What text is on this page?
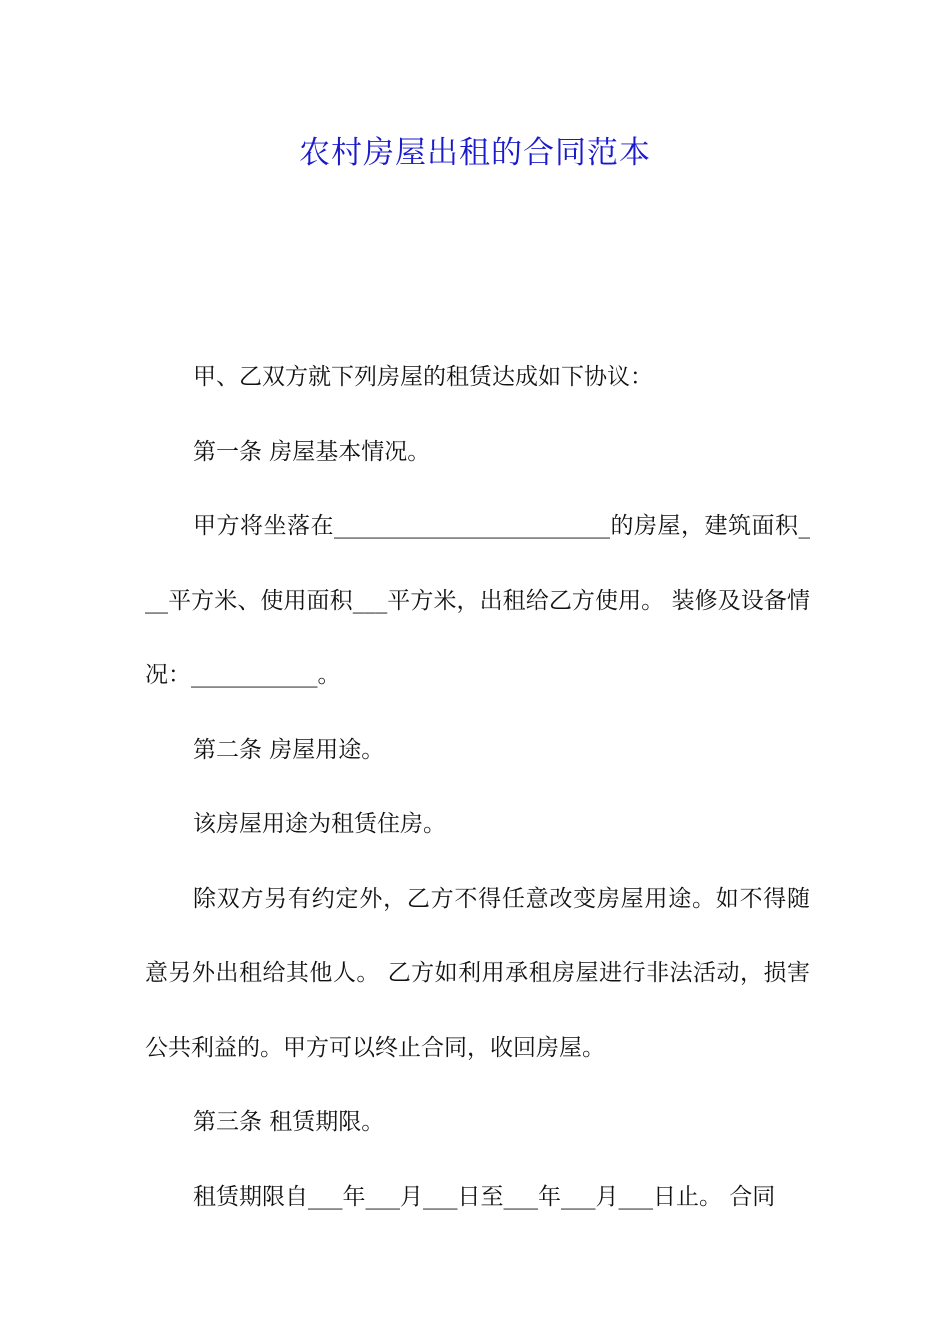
农村房屋出租的合同范本

甲、乙双方就下列房屋的租赁达成如下协议：

第一条 房屋基本情况。

甲方将坐落在________________________的房屋，建筑面积___平方米、使用面积___平方米，出租给乙方使用。 装修及设备情况：___________。

第二条 房屋用途。

该房屋用途为租赁住房。

除双方另有约定外，乙方不得任意改变房屋用途。如不得随意另外出租给其他人。 乙方如利用承租房屋进行非法活动，损害公共利益的。甲方可以终止合同，收回房屋。

第三条 租赁期限。

租赁期限自___年___月___日至___年___月___日止。 合同
